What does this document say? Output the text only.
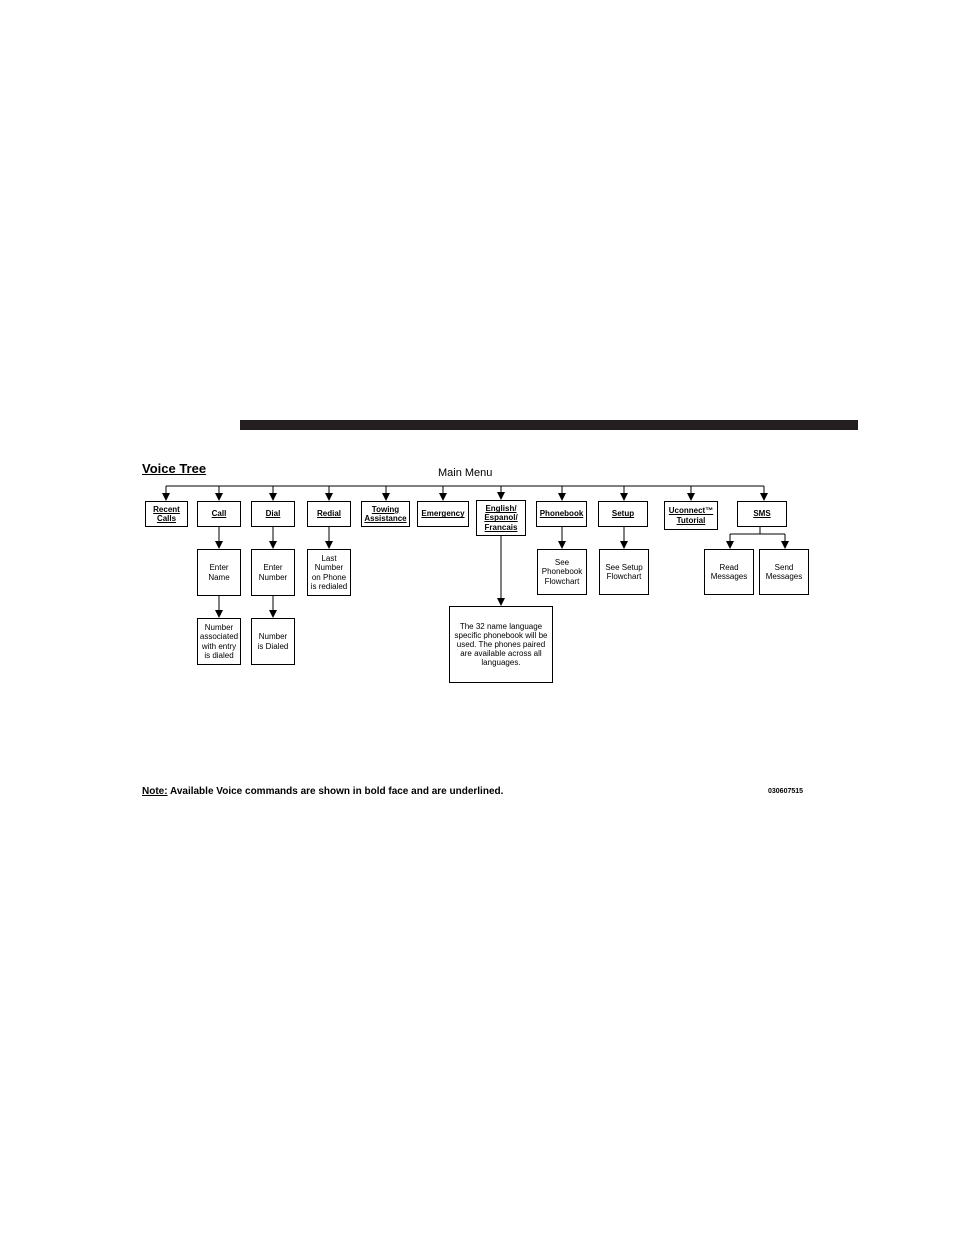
Voice Tree	Main Menu
Recent
Calls
Call	Dial	Redial
Towing
Assistance
Emergency
English/
Espanol/
Francais
Phonebook	Setup	Uconnect™
Tutorial
SMS
Enter
Name
Number
associated
with entry
is dialed
Enter
Number
Number
is Dialed
Last
Number
on Phone
is redialed
The 32 name language
specific phonebook will be
used. The phones paired
are available across all
languages.
See
Phonebook
Flowchart
See Setup
Flowchart
Read
Messages
Send
Messages
Note: Available Voice commands are shown in bold face and are underlined.	030607515
